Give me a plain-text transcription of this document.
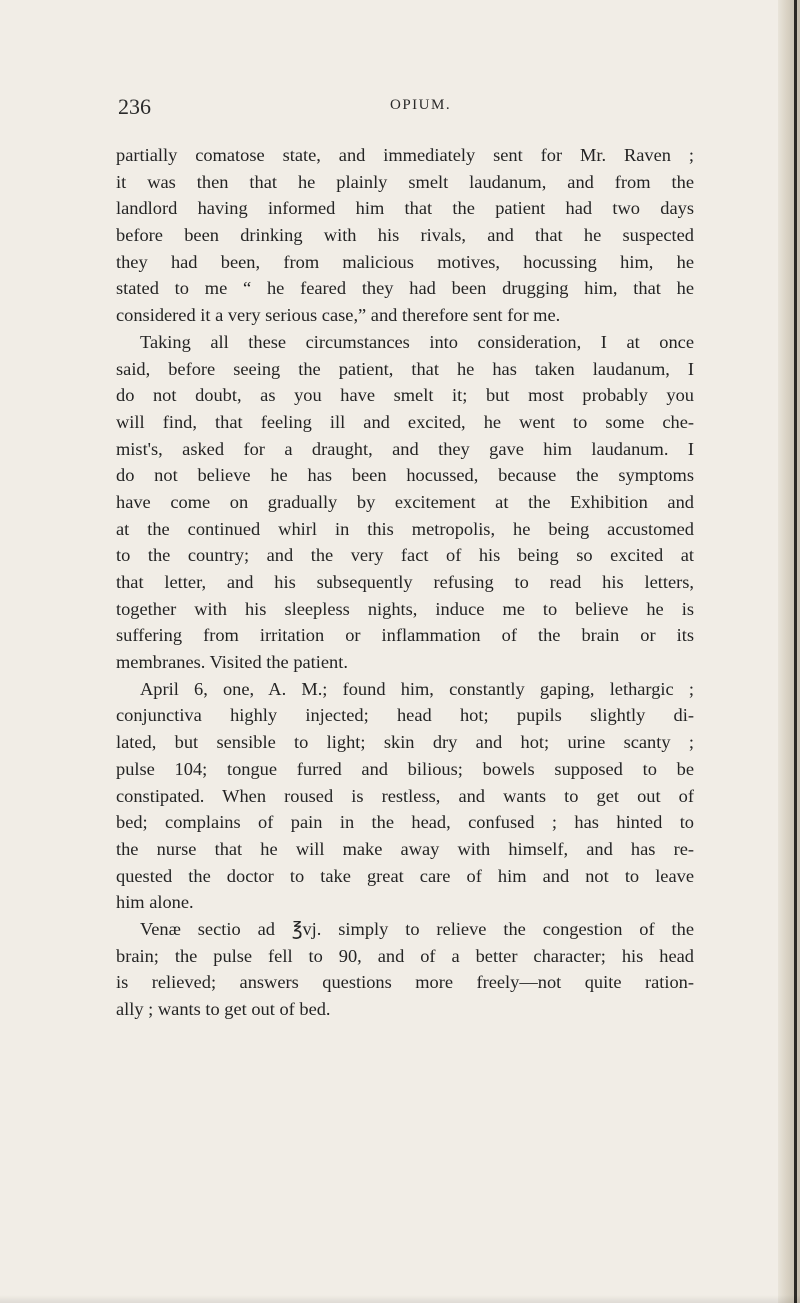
236	OPIUM.
partially comatose state, and immediately sent for Mr. Raven ;
it was then that he plainly smelt laudanum, and from the
landlord having informed him that the patient had two days
before been drinking with his rivals, and that he suspected
they had been, from malicious motives, hocussing him, he
stated to me “ he feared they had been drugging him, that he
considered it a very serious case,” and therefore sent for me.
Taking all these circumstances into consideration, I at once
said, before seeing the patient, that he has taken laudanum, I
do not doubt, as you have smelt it; but most probably you
will find, that feeling ill and excited, he went to some che-
mist's, asked for a draught, and they gave him laudanum. I
do not believe he has been hocussed, because the symptoms
have come on gradually by excitement at the Exhibition and
at the continued whirl in this metropolis, he being accustomed
to the country; and the very fact of his being so excited at
that letter, and his subsequently refusing to read his letters,
together with his sleepless nights, induce me to believe he is
suffering from irritation or inflammation of the brain or its
membranes. Visited the patient.
April 6, one, A. M.; found him, constantly gaping, lethargic ;
conjunctiva highly injected; head hot; pupils slightly di-
lated, but sensible to light; skin dry and hot; urine scanty ;
pulse 104; tongue furred and bilious; bowels supposed to be
constipated. When roused is restless, and wants to get out of
bed; complains of pain in the head, confused ; has hinted to
the nurse that he will make away with himself, and has re-
quested the doctor to take great care of him and not to leave
him alone.
Venæ sectio ad ℥vj. simply to relieve the congestion of the
brain; the pulse fell to 90, and of a better character; his head
is relieved; answers questions more freely—not quite ration-
ally ; wants to get out of bed.
